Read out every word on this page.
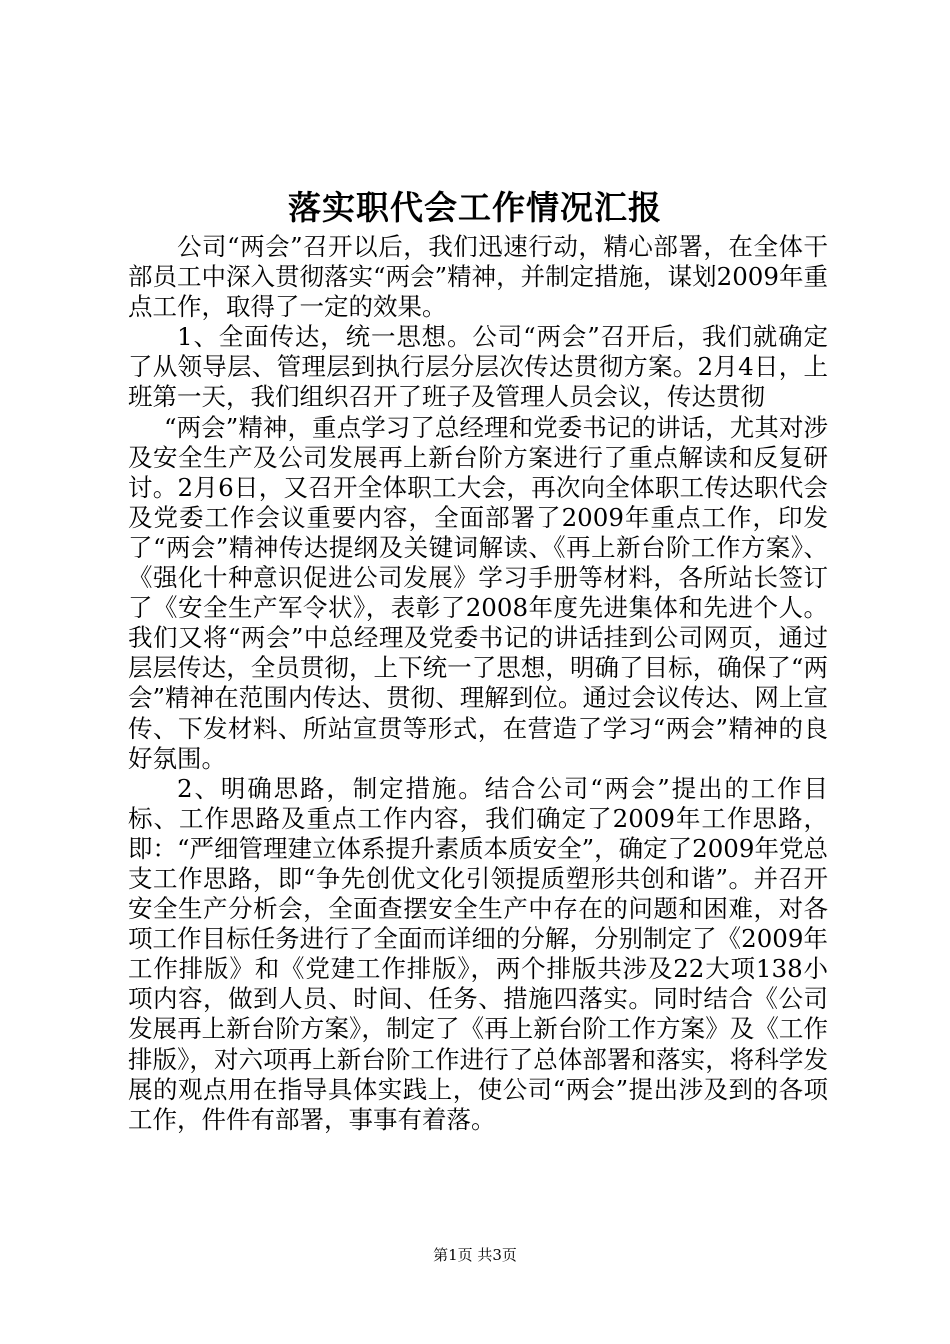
落实职代会工作情况汇报

公司“两会”召开以后，我们迅速行动，精心部署，在全体干部员工中深入贯彻落实“两会”精神，并制定措施，谋划2009年重点工作，取得了一定的效果。

1、全面传达，统一思想。公司“两会”召开后，我们就确定了从领导层、管理层到执行层分层次传达贯彻方案。2月4日，上班第一天，我们组织召开了班子及管理人员会议，传达贯彻

“两会”精神，重点学习了总经理和党委书记的讲话，尤其对涉及安全生产及公司发展再上新台阶方案进行了重点解读和反复研讨。2月6日，又召开全体职工大会，再次向全体职工传达职代会及党委工作会议重要内容，全面部署了2009年重点工作，印发了“两会”精神传达提纲及关键词解读、《再上新台阶工作方案》、《强化十种意识促进公司发展》学习手册等材料，各所站长签订了《安全生产军令状》，表彰了2008年度先进集体和先进个人。我们又将“两会”中总经理及党委书记的讲话挂到公司网页，通过层层传达，全员贯彻，上下统一了思想，明确了目标，确保了“两会”精神在范围内传达、贯彻、理解到位。通过会议传达、网上宣传、下发材料、所站宣贯等形式，在营造了学习“两会”精神的良好氛围。

2、明确思路，制定措施。结合公司“两会”提出的工作目标、工作思路及重点工作内容，我们确定了2009年工作思路，即：“严细管理建立体系提升素质本质安全”，确定了2009年党总支工作思路，即“争先创优文化引领提质塑形共创和谐”。并召开安全生产分析会，全面查摆安全生产中存在的问题和困难，对各项工作目标任务进行了全面而详细的分解，分别制定了《2009年工作排版》和《党建工作排版》，两个排版共涉及22大项138小项内容，做到人员、时间、任务、措施四落实。同时结合《公司发展再上新台阶方案》，制定了《再上新台阶工作方案》及《工作排版》，对六项再上新台阶工作进行了总体部署和落实，将科学发展的观点用在指导具体实践上，使公司“两会”提出涉及到的各项工作，件件有部署，事事有着落。

第1页 共3页
